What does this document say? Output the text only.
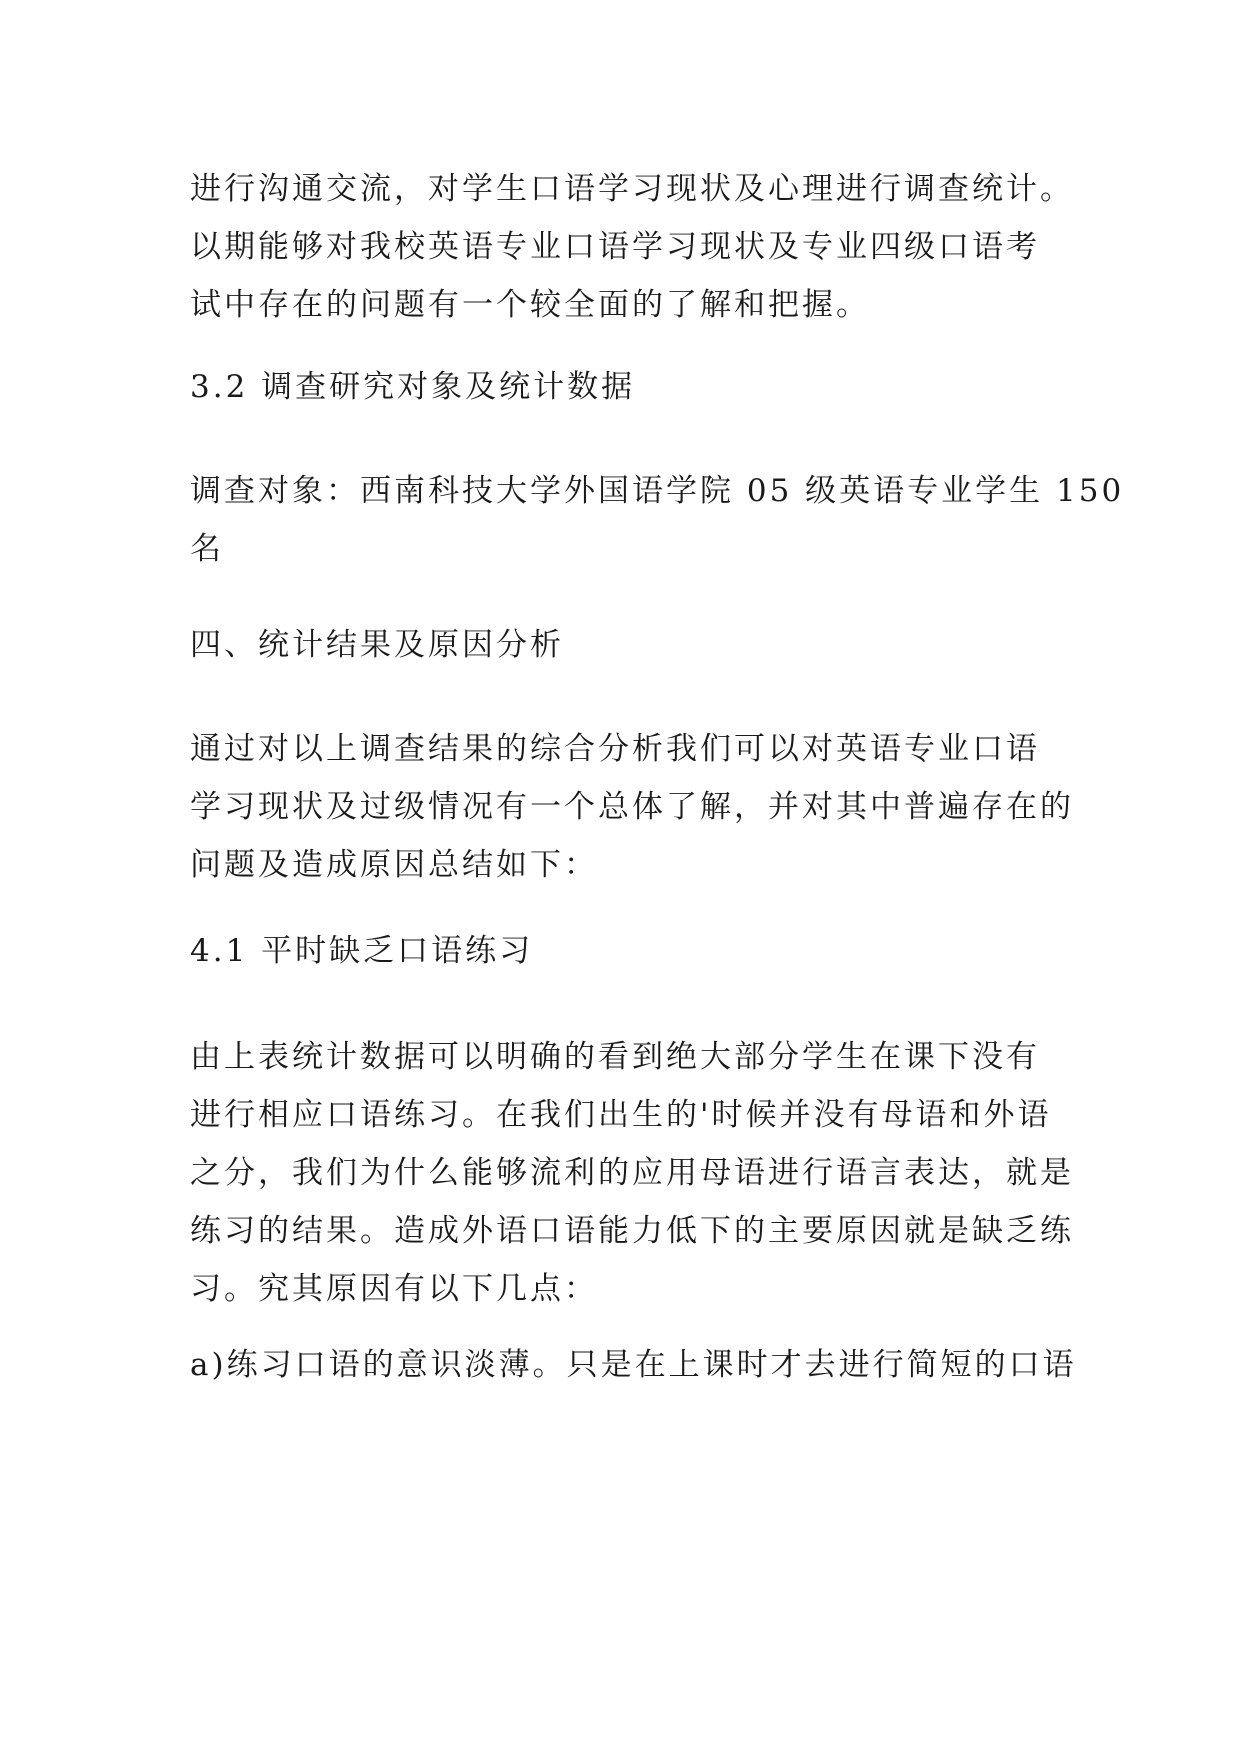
进行沟通交流，对学生口语学习现状及心理进行调查统计。
以期能够对我校英语专业口语学习现状及专业四级口语考
试中存在的问题有一个较全面的了解和把握。
3.2 调查研究对象及统计数据
调查对象：西南科技大学外国语学院 05 级英语专业学生 150
名
四、统计结果及原因分析
通过对以上调查结果的综合分析我们可以对英语专业口语
学习现状及过级情况有一个总体了解，并对其中普遍存在的
问题及造成原因总结如下：
4.1 平时缺乏口语练习
由上表统计数据可以明确的看到绝大部分学生在课下没有
进行相应口语练习。在我们出生的'时候并没有母语和外语
之分，我们为什么能够流利的应用母语进行语言表达，就是
练习的结果。造成外语口语能力低下的主要原因就是缺乏练
习。究其原因有以下几点：
a)练习口语的意识淡薄。只是在上课时才去进行简短的口语
